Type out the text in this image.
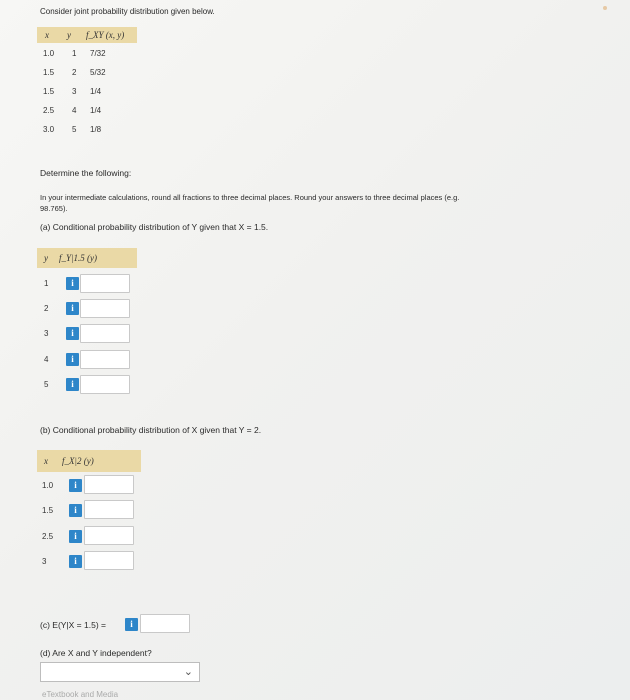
Consider joint probability distribution given below.
x y f_XY (x, y)
1.0 1 7/32
1.5 2 5/32
1.5 3 1/4
2.5 4 1/4
3.0 5 1/8
Determine the following:
In your intermediate calculations, round all fractions to three decimal places. Round your answers to three decimal places (e.g.
98.765).
(a) Conditional probability distribution of Y given that X = 1.5.
y f_Y|1.5 (y)
1	i
2	i
3	i
4	i
5	i
(b) Conditional probability distribution of X given that Y = 2.
x f_X|2 (y)
1.0	i
1.5	i
2.5	i
3	i
(c) E(Y|X = 1.5) =	i
(d) Are X and Y independent?
⌄
eTextbook and Media
